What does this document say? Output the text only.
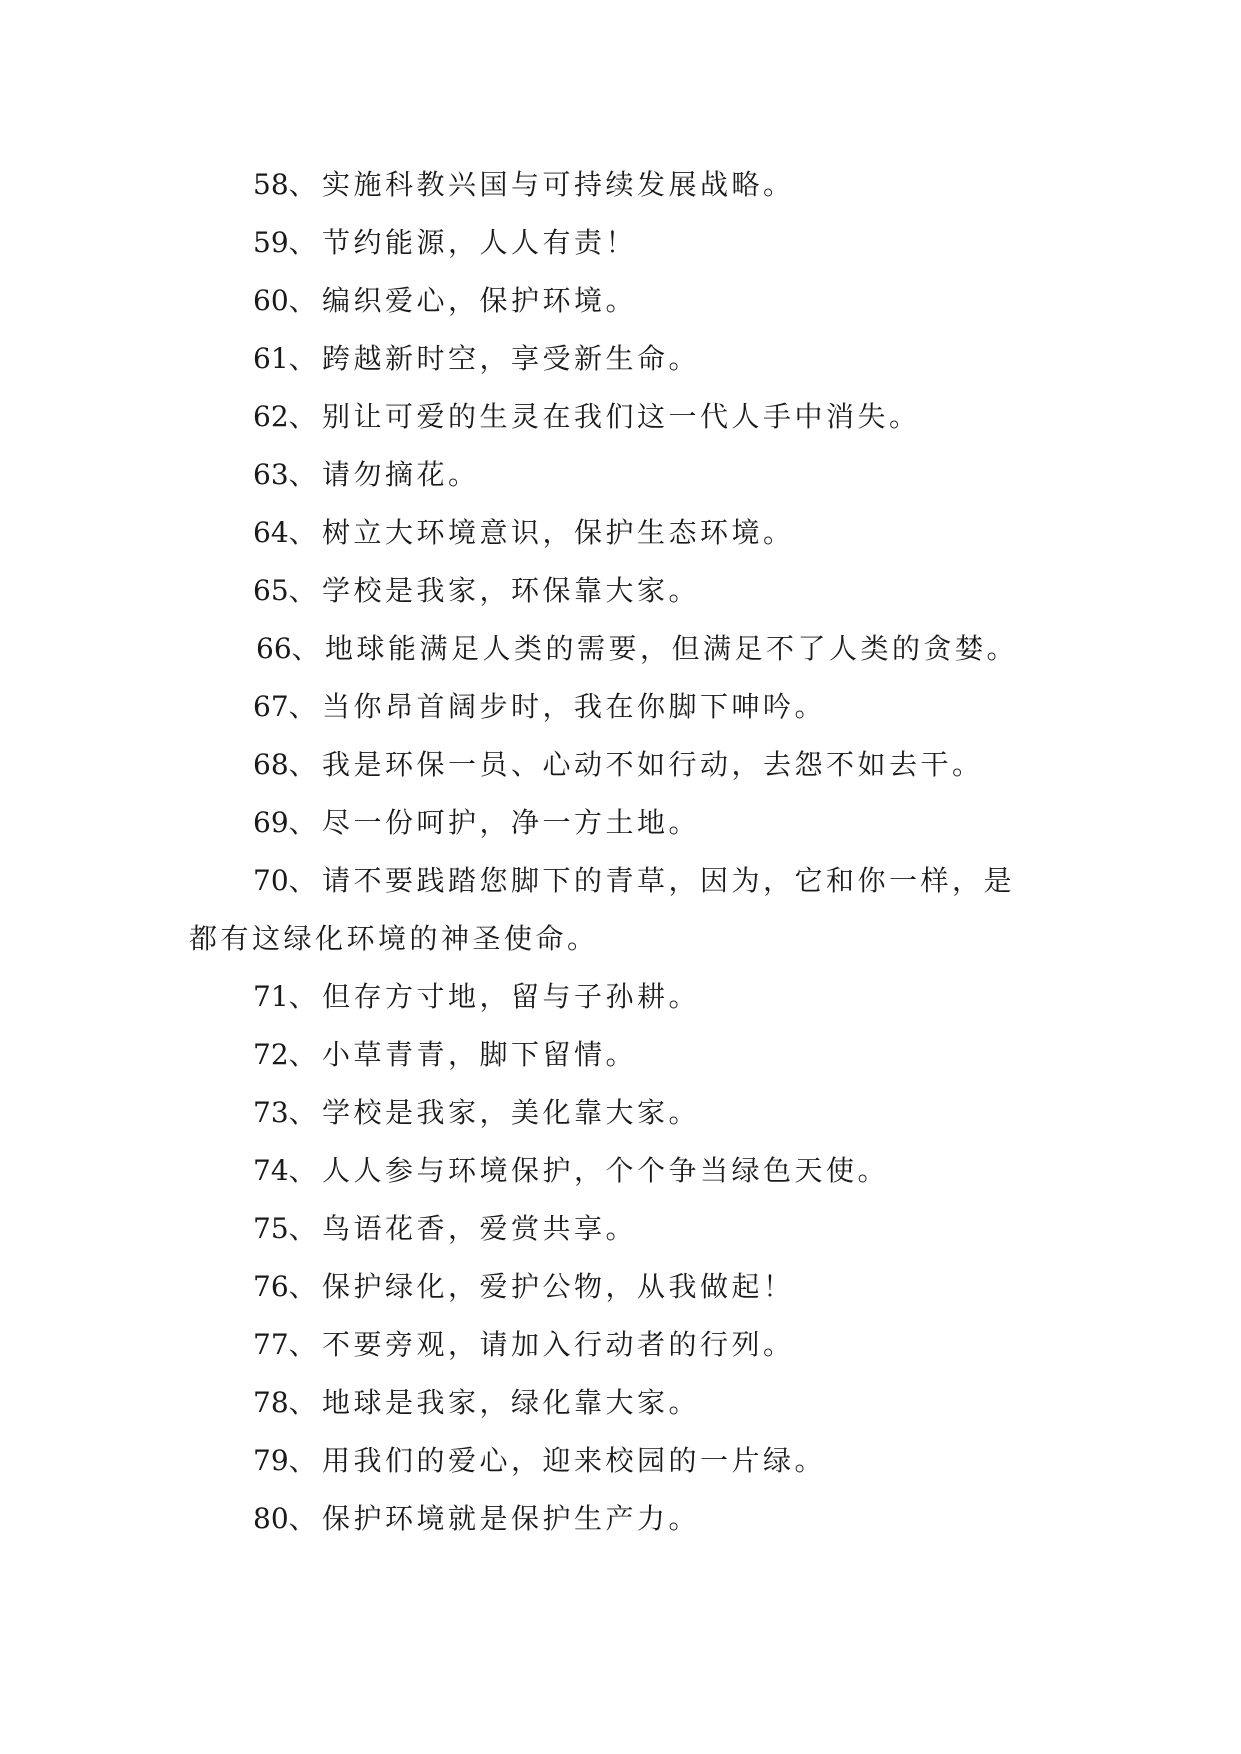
58、 实施科教兴国与可持续发展战略。
59、 节约能源，人人有责！
60、 编织爱心，保护环境。
61、 跨越新时空，享受新生命。
62、 别让可爱的生灵在我们这一代人手中消失。
63、 请勿摘花。
64、 树立大环境意识，保护生态环境。
65、 学校是我家，环保靠大家。
66、 地球能满足人类的需要，但满足不了人类的贪婪。
67、 当你昂首阔步时，我在你脚下呻吟。
68、 我是环保一员、心动不如行动，去怨不如去干。
69、 尽一份呵护，净一方土地。
70、 请不要践踏您脚下的青草，因为，它和你一样，是
都有这绿化环境的神圣使命。
71、 但存方寸地，留与子孙耕。
72、 小草青青，脚下留情。
73、 学校是我家，美化靠大家。
74、 人人参与环境保护，个个争当绿色天使。
75、 鸟语花香，爱赏共享。
76、 保护绿化，爱护公物，从我做起！
77、 不要旁观，请加入行动者的行列。
78、 地球是我家，绿化靠大家。
79、 用我们的爱心，迎来校园的一片绿。
80、 保护环境就是保护生产力。
